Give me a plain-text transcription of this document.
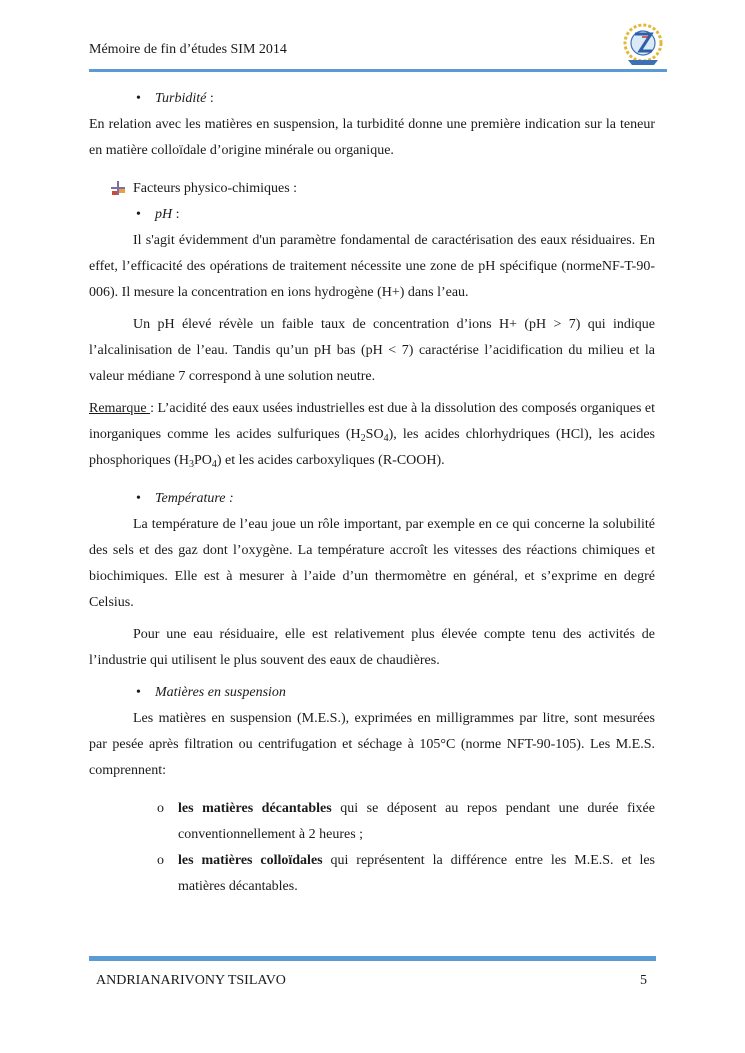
Mémoire de fin d’études SIM 2014
• Turbidité :

En relation avec les matières en suspension, la turbidité donne une première indication sur la teneur en matière colloïdale d’origine minérale ou organique.

Facteurs physico-chimiques :
• pH :

Il s'agit évidemment d'un paramètre fondamental de caractérisation des eaux résiduaires. En effet, l’efficacité des opérations de traitement nécessite une zone de pH spécifique (normeNF-T-90-006). Il mesure la concentration en ions hydrogène (H+) dans l’eau.

Un pH élevé révèle un faible taux de concentration d’ions H+ (pH > 7) qui indique l’alcalinisation de l’eau. Tandis qu’un pH bas (pH < 7) caractérise l’acidification du milieu et la valeur médiane 7 correspond à une solution neutre.

Remarque : L’acidité des eaux usées industrielles est due à la dissolution des composés organiques et inorganiques comme les acides sulfuriques $(H_2SO_4)$, les acides chlorhydriques (HCl), les acides phosphoriques $(H_3PO_4)$ et les acides carboxyliques (R-COOH).

• Température :

La température de l’eau joue un rôle important, par exemple en ce qui concerne la solubilité des sels et des gaz dont l’oxygène. La température accroît les vitesses des réactions chimiques et biochimiques. Elle est à mesurer à l’aide d’un thermomètre en général, et s’exprime en degré Celsius.

Pour une eau résiduaire, elle est relativement plus élevée compte tenu des activités de l’industrie qui utilisent le plus souvent des eaux de chaudières.

• Matières en suspension

Les matières en suspension (M.E.S.), exprimées en milligrammes par litre, sont mesurées par pesée après filtration ou centrifugation et séchage à 105°C (norme NFT-90-105). Les M.E.S. comprennent:

o les matières décantables qui se déposent au repos pendant une durée fixée conventionnellement à 2 heures ;
o les matières colloïdales qui représentent la différence entre les M.E.S. et les matières décantables.
ANDRIANARIVONY TSILAVO	5
